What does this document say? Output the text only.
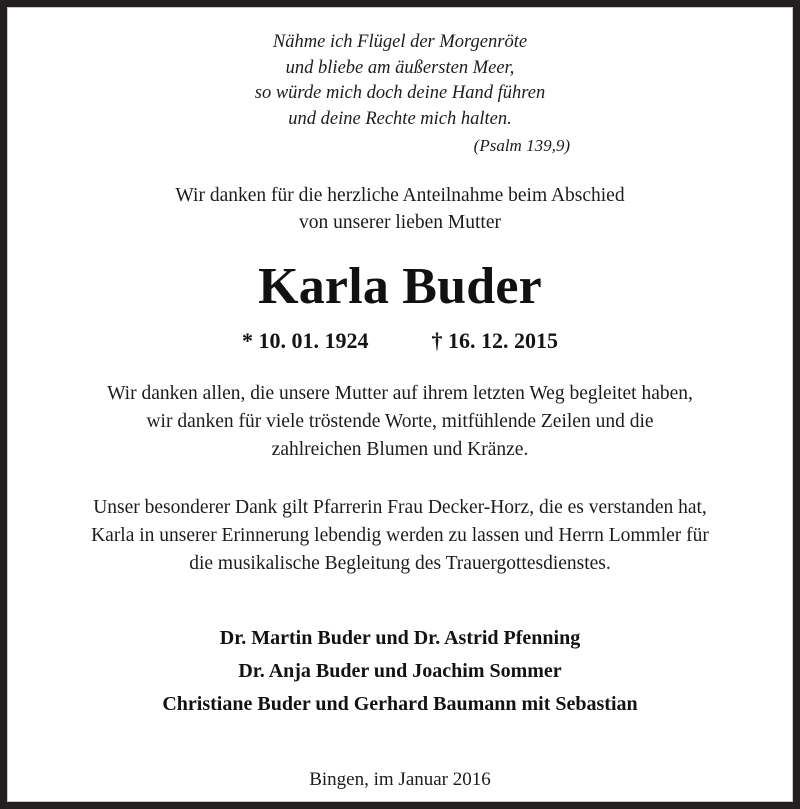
Nähme ich Flügel der Morgenröte
und bliebe am äußersten Meer,
so würde mich doch deine Hand führen
und deine Rechte mich halten.
(Psalm 139,9)
Wir danken für die herzliche Anteilnahme beim Abschied
von unserer lieben Mutter
Karla Buder
* 10. 01. 1924	† 16. 12. 2015
Wir danken allen, die unsere Mutter auf ihrem letzten Weg begleitet haben,
wir danken für viele tröstende Worte, mitfühlende Zeilen und die
zahlreichen Blumen und Kränze.
Unser besonderer Dank gilt Pfarrerin Frau Decker-Horz, die es verstanden hat,
Karla in unserer Erinnerung lebendig werden zu lassen und Herrn Lommler für
die musikalische Begleitung des Trauergottesdienstes.
Dr. Martin Buder und Dr. Astrid Pfenning
Dr. Anja Buder und Joachim Sommer
Christiane Buder und Gerhard Baumann mit Sebastian
Bingen, im Januar 2016
